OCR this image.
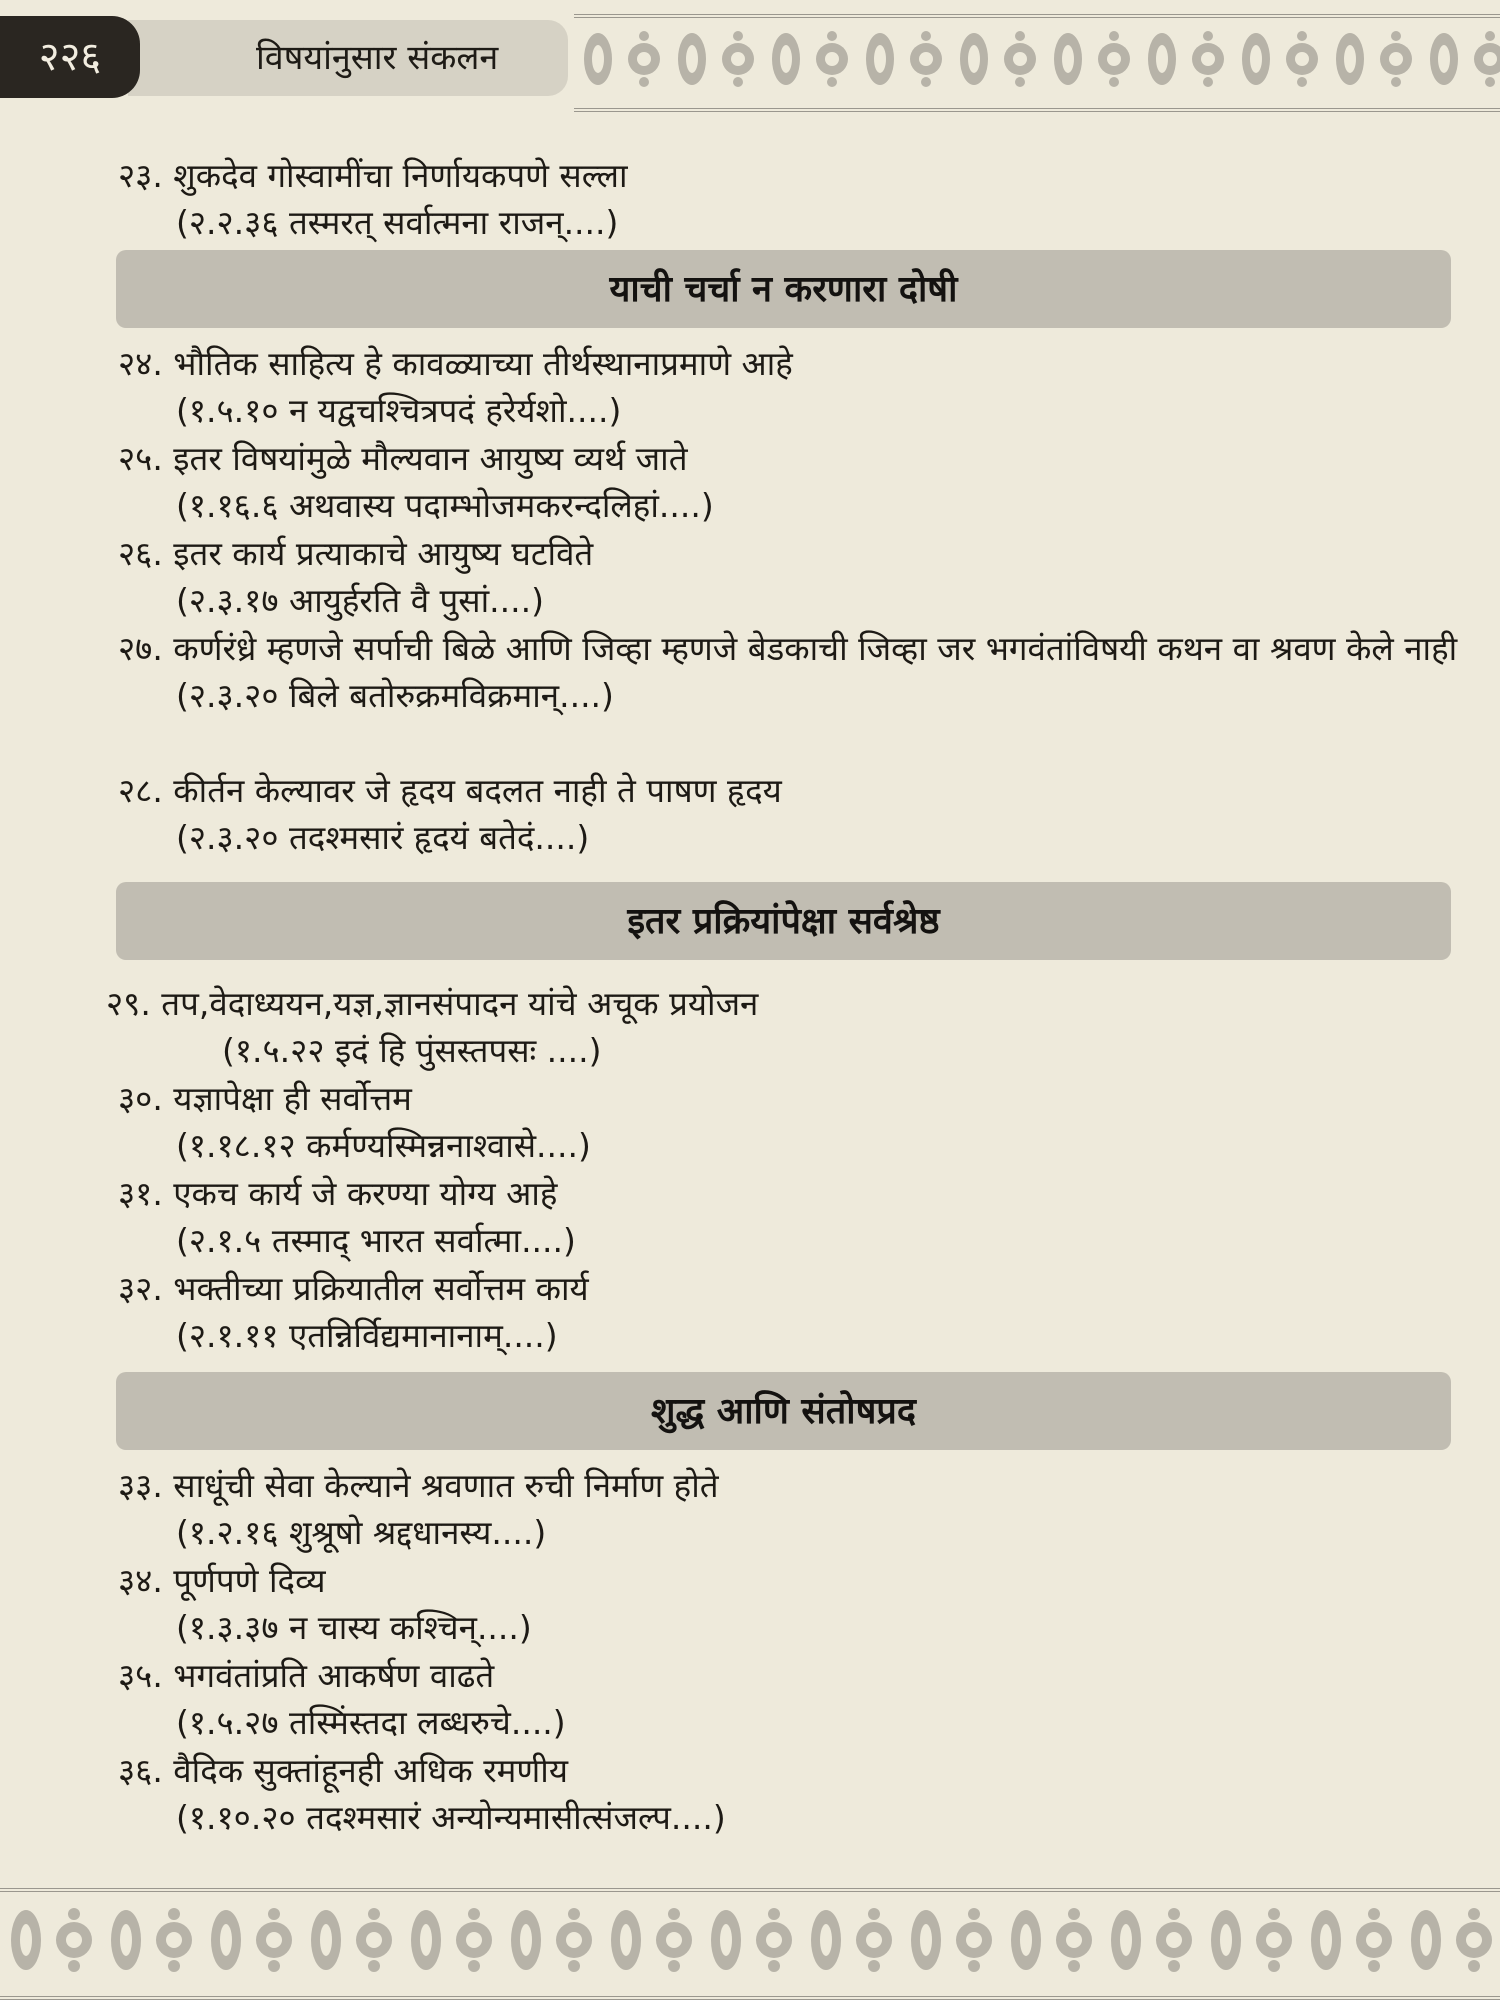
विषयांनुसार संकलन
२२६
२३. शुकदेव गोस्वामींचा निर्णायकपणे सल्ला
(२.२.३६ तस्मरत् सर्वात्मना राजन्....)
याची चर्चा न करणारा दोषी
२४. भौतिक साहित्य हे कावळ्याच्या तीर्थस्थानाप्रमाणे आहे
(१.५.१० न यद्वचश्चित्रपदं हरेर्यशो....)
२५. इतर विषयांमुळे मौल्यवान आयुष्य व्यर्थ जाते
(१.१६.६ अथवास्य पदाम्भोजमकरन्दलिहां....)
२६. इतर कार्य प्रत्याकाचे आयुष्य घटविते
(२.३.१७ आयुर्हरति वै पुसां....)
२७. कर्णरंध्रे म्हणजे सर्पाची बिळे आणि जिव्हा म्हणजे बेडकाची जिव्हा जर भगवंतांविषयी कथन वा श्रवण केले नाही
(२.३.२० बिले बतोरुक्रमविक्रमान्....)
२८. कीर्तन केल्यावर जे हृदय बदलत नाही ते पाषण हृदय
(२.३.२० तदश्मसारं हृदयं बतेदं....)
इतर प्रक्रियांपेक्षा सर्वश्रेष्ठ
२९. तप,वेदाध्ययन,यज्ञ,ज्ञानसंपादन यांचे अचूक प्रयोजन
(१.५.२२ इदं हि पुंसस्तपसः ....)
३०. यज्ञापेक्षा ही सर्वोत्तम
(१.१८.१२ कर्मण्यस्मिन्ननाश्वासे....)
३१. एकच कार्य जे करण्या योग्य आहे
(२.१.५ तस्माद् भारत सर्वात्मा....)
३२. भक्तीच्या प्रक्रियातील सर्वोत्तम कार्य
(२.१.११ एतन्निर्विद्यमानानाम्....)
शुद्ध आणि संतोषप्रद
३३. साधूंची सेवा केल्याने श्रवणात रुची निर्माण होते
(१.२.१६ शुश्रूषो श्रद्दधानस्य....)
३४. पूर्णपणे दिव्य
(१.३.३७ न चास्य कश्चिन्....)
३५. भगवंतांप्रति आकर्षण वाढते
(१.५.२७ तस्मिंस्तदा लब्धरुचे....)
३६. वैदिक सुक्तांहूनही अधिक रमणीय
(१.१०.२० तदश्मसारं अन्योन्यमासीत्संजल्प....)
